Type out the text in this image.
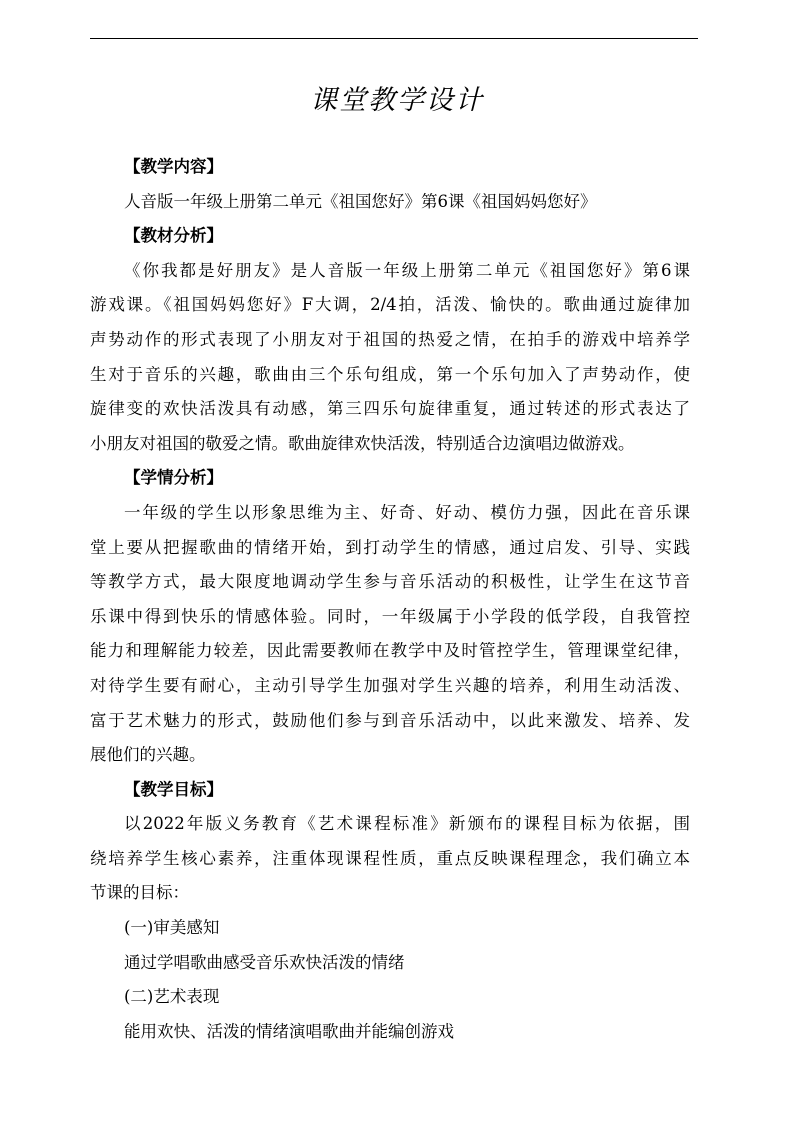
课堂教学设计
【教学内容】
人音版一年级上册第二单元《祖国您好》第6课《祖国妈妈您好》
【教材分析】
《你我都是好朋友》是人音版一年级上册第二单元《祖国您好》第6课
游戏课。《祖国妈妈您好》F大调，2/4拍，活泼、愉快的。歌曲通过旋律加
声势动作的形式表现了小朋友对于祖国的热爱之情，在拍手的游戏中培养学
生对于音乐的兴趣，歌曲由三个乐句组成，第一个乐句加入了声势动作，使
旋律变的欢快活泼具有动感，第三四乐句旋律重复，通过转述的形式表达了
小朋友对祖国的敬爱之情。歌曲旋律欢快活泼，特别适合边演唱边做游戏。
【学情分析】
一年级的学生以形象思维为主、好奇、好动、模仿力强，因此在音乐课
堂上要从把握歌曲的情绪开始，到打动学生的情感，通过启发、引导、实践
等教学方式，最大限度地调动学生参与音乐活动的积极性，让学生在这节音
乐课中得到快乐的情感体验。同时，一年级属于小学段的低学段，自我管控
能力和理解能力较差，因此需要教师在教学中及时管控学生，管理课堂纪律，
对待学生要有耐心，主动引导学生加强对学生兴趣的培养，利用生动活泼、
富于艺术魅力的形式，鼓励他们参与到音乐活动中，以此来激发、培养、发
展他们的兴趣。
【教学目标】
以2022年版义务教育《艺术课程标准》新颁布的课程目标为依据，围
绕培养学生核心素养，注重体现课程性质，重点反映课程理念，我们确立本
节课的目标：
(一)审美感知
通过学唱歌曲感受音乐欢快活泼的情绪
(二)艺术表现
能用欢快、活泼的情绪演唱歌曲并能编创游戏
